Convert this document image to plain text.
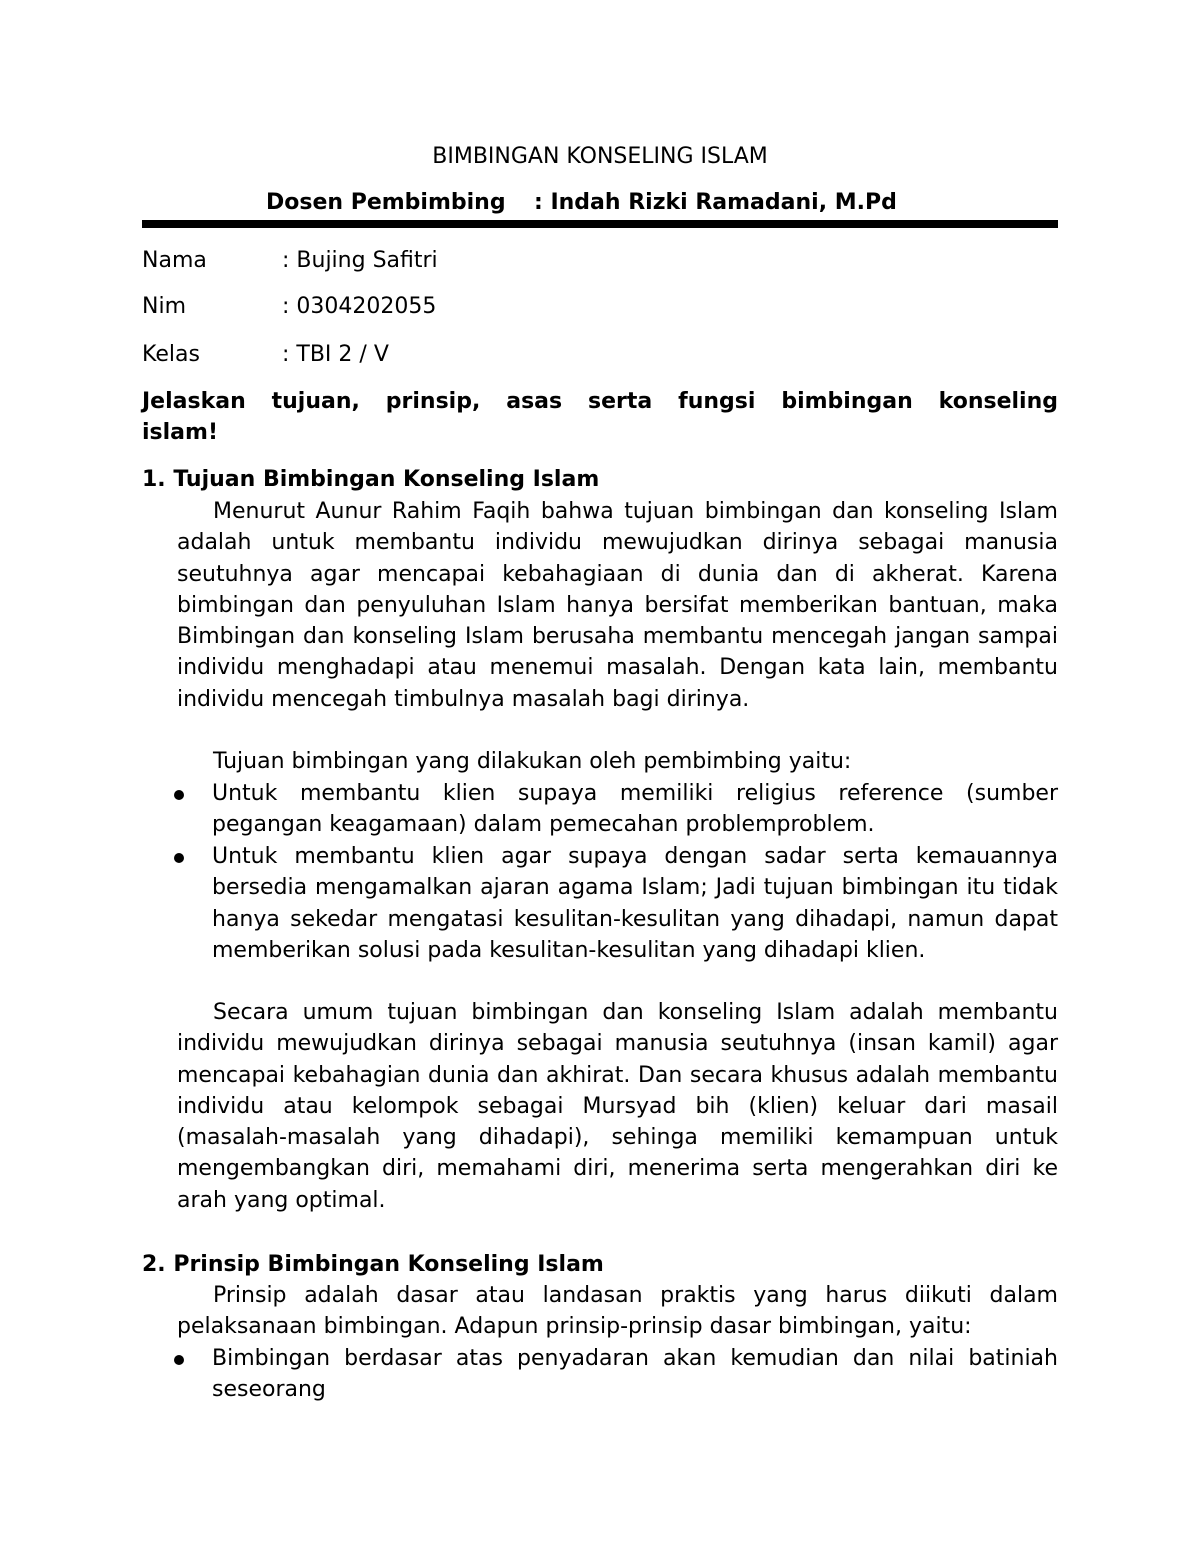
BIMBINGAN KONSELING ISLAM
Dosen Pembimbing : Indah Rizki Ramadani, M.Pd
Nama	: Bujing Safitri
Nim	: 0304202055
Kelas	: TBI 2 / V
Jelaskan tujuan, prinsip, asas serta fungsi bimbingan konseling
islam!
1. Tujuan Bimbingan Konseling Islam

Menurut Aunur Rahim Faqih bahwa tujuan bimbingan dan konseling Islam adalah untuk membantu individu mewujudkan dirinya sebagai manusia seutuhnya agar mencapai kebahagiaan di dunia dan di akherat. Karena bimbingan dan penyuluhan Islam hanya bersifat memberikan bantuan, maka Bimbingan dan konseling Islam berusaha membantu mencegah jangan sampai individu menghadapi atau menemui masalah. Dengan kata lain, membantu individu mencegah timbulnya masalah bagi dirinya.

Tujuan bimbingan yang dilakukan oleh pembimbing yaitu:

Untuk membantu klien supaya memiliki religius reference (sumber pegangan keagamaan) dalam pemecahan problemproblem.

Untuk membantu klien agar supaya dengan sadar serta kemauannya bersedia mengamalkan ajaran agama Islam; Jadi tujuan bimbingan itu tidak hanya sekedar mengatasi kesulitan-kesulitan yang dihadapi, namun dapat memberikan solusi pada kesulitan-kesulitan yang dihadapi klien.

Secara umum tujuan bimbingan dan konseling Islam adalah membantu individu mewujudkan dirinya sebagai manusia seutuhnya (insan kamil) agar mencapai kebahagian dunia dan akhirat. Dan secara khusus adalah membantu individu atau kelompok sebagai Mursyad bih (klien) keluar dari masail (masalah-masalah yang dihadapi), sehinga memiliki kemampuan untuk mengembangkan diri, memahami diri, menerima serta mengerahkan diri ke arah yang optimal.

2. Prinsip Bimbingan Konseling Islam

Prinsip adalah dasar atau landasan praktis yang harus diikuti dalam pelaksanaan bimbingan. Adapun prinsip-prinsip dasar bimbingan, yaitu:

Bimbingan berdasar atas penyadaran akan kemudian dan nilai batiniah seseorang
